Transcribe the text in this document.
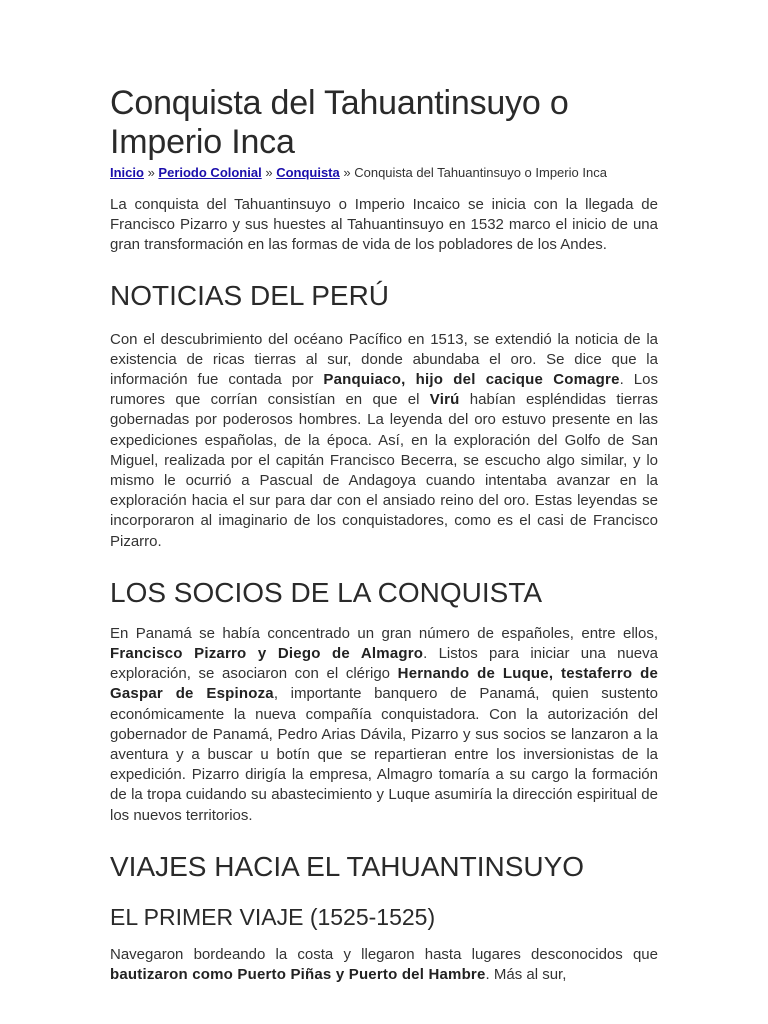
Conquista del Tahuantinsuyo o Imperio Inca
Inicio » Periodo Colonial » Conquista » Conquista del Tahuantinsuyo o Imperio Inca

La conquista del Tahuantinsuyo o Imperio Incaico se inicia con la llegada de Francisco Pizarro y sus huestes al Tahuantinsuyo en 1532 marco el inicio de una gran transformación en las formas de vida de los pobladores de los Andes.

NOTICIAS DEL PERÚ

Con el descubrimiento del océano Pacífico en 1513, se extendió la noticia de la existencia de ricas tierras al sur, donde abundaba el oro. Se dice que la información fue contada por Panquiaco, hijo del cacique Comagre. Los rumores que corrían consistían en que el Virú habían espléndidas tierras gobernadas por poderosos hombres. La leyenda del oro estuvo presente en las expediciones españolas, de la época. Así, en la exploración del Golfo de San Miguel, realizada por el capitán Francisco Becerra, se escucho algo similar, y lo mismo le ocurrió a Pascual de Andagoya cuando intentaba avanzar en la exploración hacia el sur para dar con el ansiado reino del oro. Estas leyendas se incorporaron al imaginario de los conquistadores, como es el casi de Francisco Pizarro.

LOS SOCIOS DE LA CONQUISTA

En Panamá se había concentrado un gran número de españoles, entre ellos, Francisco Pizarro y Diego de Almagro. Listos para iniciar una nueva exploración, se asociaron con el clérigo Hernando de Luque, testaferro de Gaspar de Espinoza, importante banquero de Panamá, quien sustento económicamente la nueva compañía conquistadora. Con la autorización del gobernador de Panamá, Pedro Arias Dávila, Pizarro y sus socios se lanzaron a la aventura y a buscar u botín que se repartieran entre los inversionistas de la expedición. Pizarro dirigía la empresa, Almagro tomaría a su cargo la formación de la tropa cuidando su abastecimiento y Luque asumiría la dirección espiritual de los nuevos territorios.

VIAJES HACIA EL TAHUANTINSUYO
EL PRIMER VIAJE (1525-1525)

Navegaron bordeando la costa y llegaron hasta lugares desconocidos que bautizaron como Puerto Piñas y Puerto del Hambre. Más al sur,
